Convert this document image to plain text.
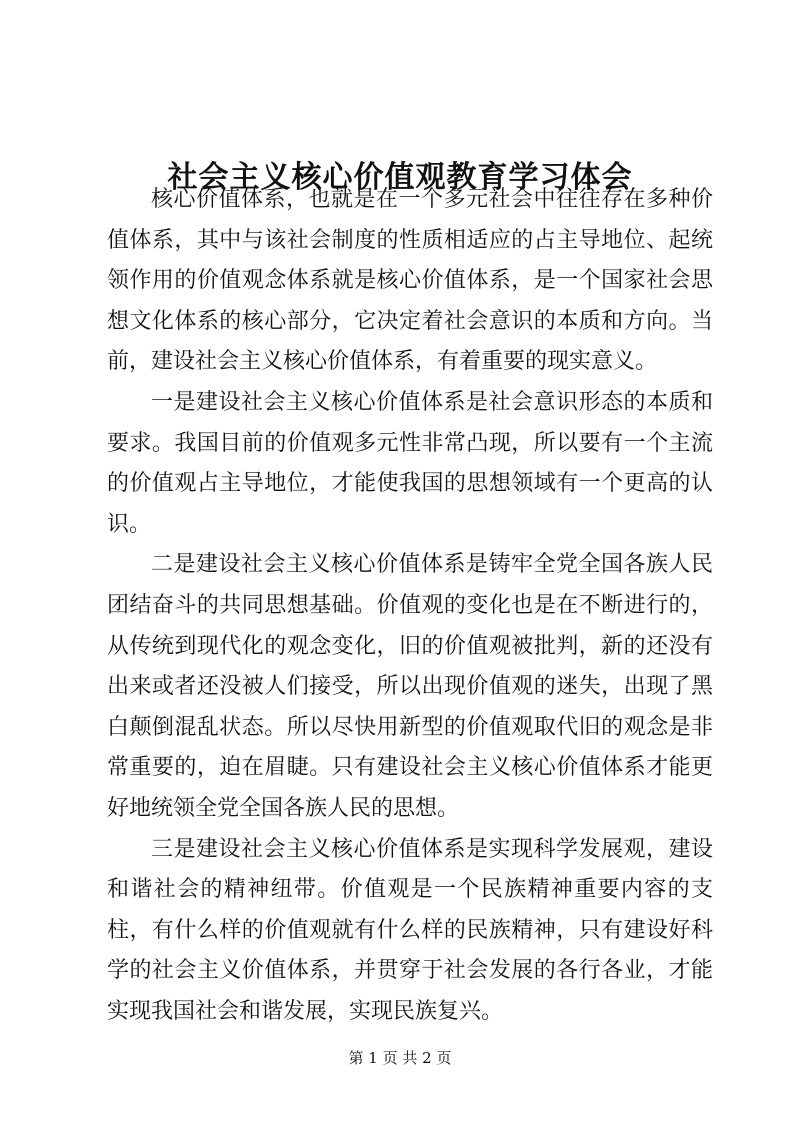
社会主义核心价值观教育学习体会

核心价值体系，也就是在一个多元社会中往往存在多种价值体系，其中与该社会制度的性质相适应的占主导地位、起统领作用的价值观念体系就是核心价值体系，是一个国家社会思想文化体系的核心部分，它决定着社会意识的本质和方向。当前，建设社会主义核心价值体系，有着重要的现实意义。

一是建设社会主义核心价值体系是社会意识形态的本质和要求。我国目前的价值观多元性非常凸现，所以要有一个主流的价值观占主导地位，才能使我国的思想领域有一个更高的认识。

二是建设社会主义核心价值体系是铸牢全党全国各族人民团结奋斗的共同思想基础。价值观的变化也是在不断进行的，从传统到现代化的观念变化，旧的价值观被批判，新的还没有出来或者还没被人们接受，所以出现价值观的迷失，出现了黑白颠倒混乱状态。所以尽快用新型的价值观取代旧的观念是非常重要的，迫在眉睫。只有建设社会主义核心价值体系才能更好地统领全党全国各族人民的思想。

三是建设社会主义核心价值体系是实现科学发展观，建设和谐社会的精神纽带。价值观是一个民族精神重要内容的支柱，有什么样的价值观就有什么样的民族精神，只有建设好科学的社会主义价值体系，并贯穿于社会发展的各行各业，才能实现我国社会和谐发展，实现民族复兴。

第 1 页 共 2 页
